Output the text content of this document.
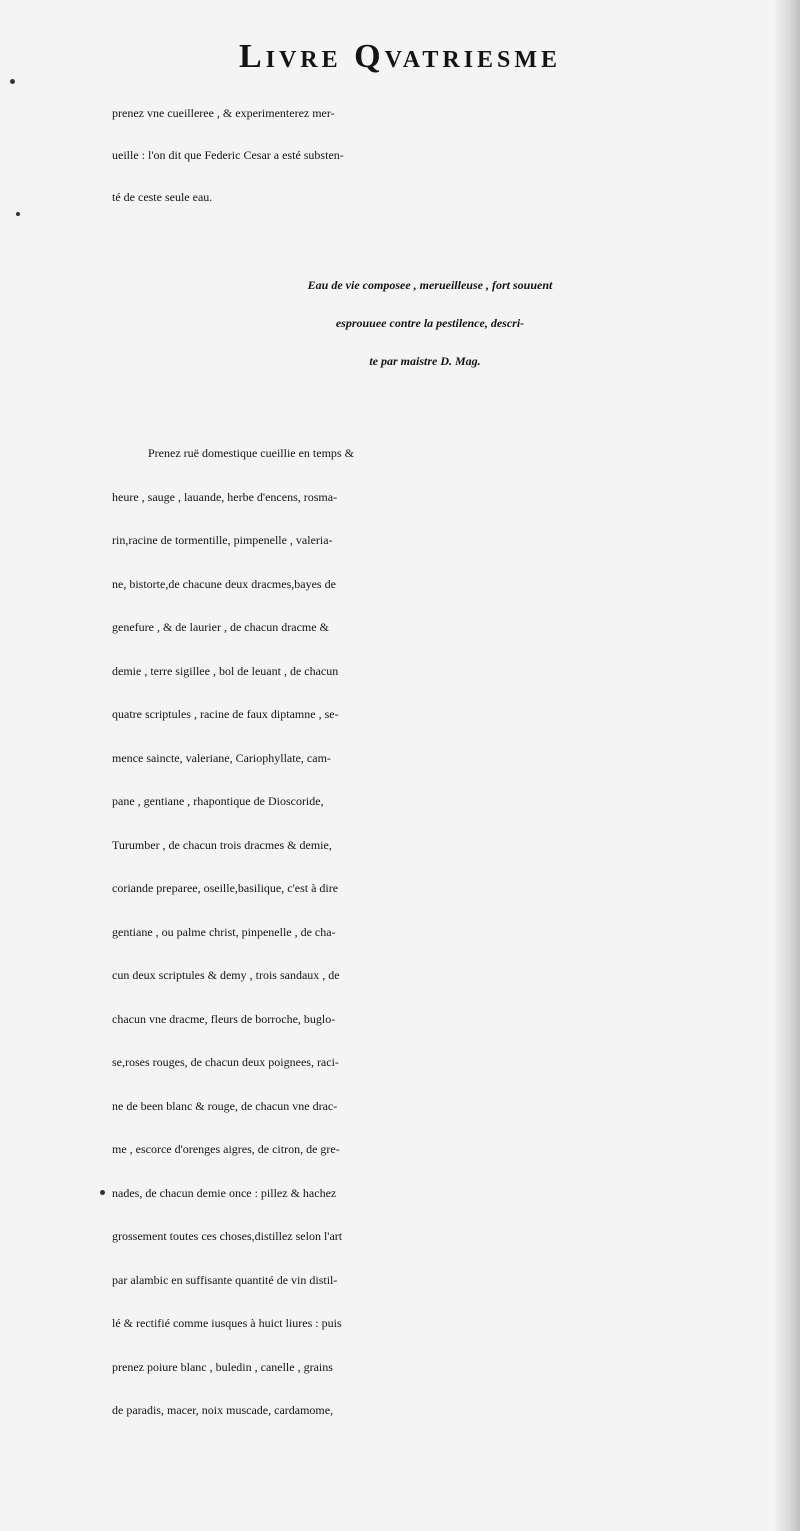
Livre Qvatriesme
prenez vne cueilleree , & experimenterez mer-
ueille : l'on dit que Federic Cesar a esté substen-
té de ceste seule eau.
Eau de vie composee , merueilleuse , fort souuent
esprouuee contre la pestilence, descri-
te par maistre D. Mag.
Prenez ruë domestique cueillie en temps &
heure , sauge , lauande, herbe d'encens, rosma-
rin,racine de tormentille, pimpenelle , valeria-
ne, bistorte,de chacune deux dracmes,bayes de
genefure , & de laurier , de chacun dracme &
demie , terre sigillee , bol de leuant , de chacun
quatre scriptules , racine de faux diptamne , se-
mence saincte, valeriane, Cariophyllate, cam-
pane , gentiane , rhapontique de Dioscoride,
Turumber , de chacun trois dracmes & demie,
coriande preparee, oseille,basilique, c'est à dire
gentiane , ou palme christ, pinpenelle , de cha-
cun deux scriptules & demy , trois sandaux , de
chacun vne dracme, fleurs de borroche, buglo-
se,roses rouges, de chacun deux poignees, raci-
ne de been blanc & rouge, de chacun vne drac-
me , escorce d'orenges aigres, de citron, de gre-
nades, de chacun demie once : pillez & hachez
grossement toutes ces choses,distillez selon l'art
par alambic en suffisante quantité de vin distil-
lé & rectifié comme iusques à huict liures : puis
prenez poiure blanc , buledin , canelle , grains
de paradis, macer, noix muscade, cardamome,
